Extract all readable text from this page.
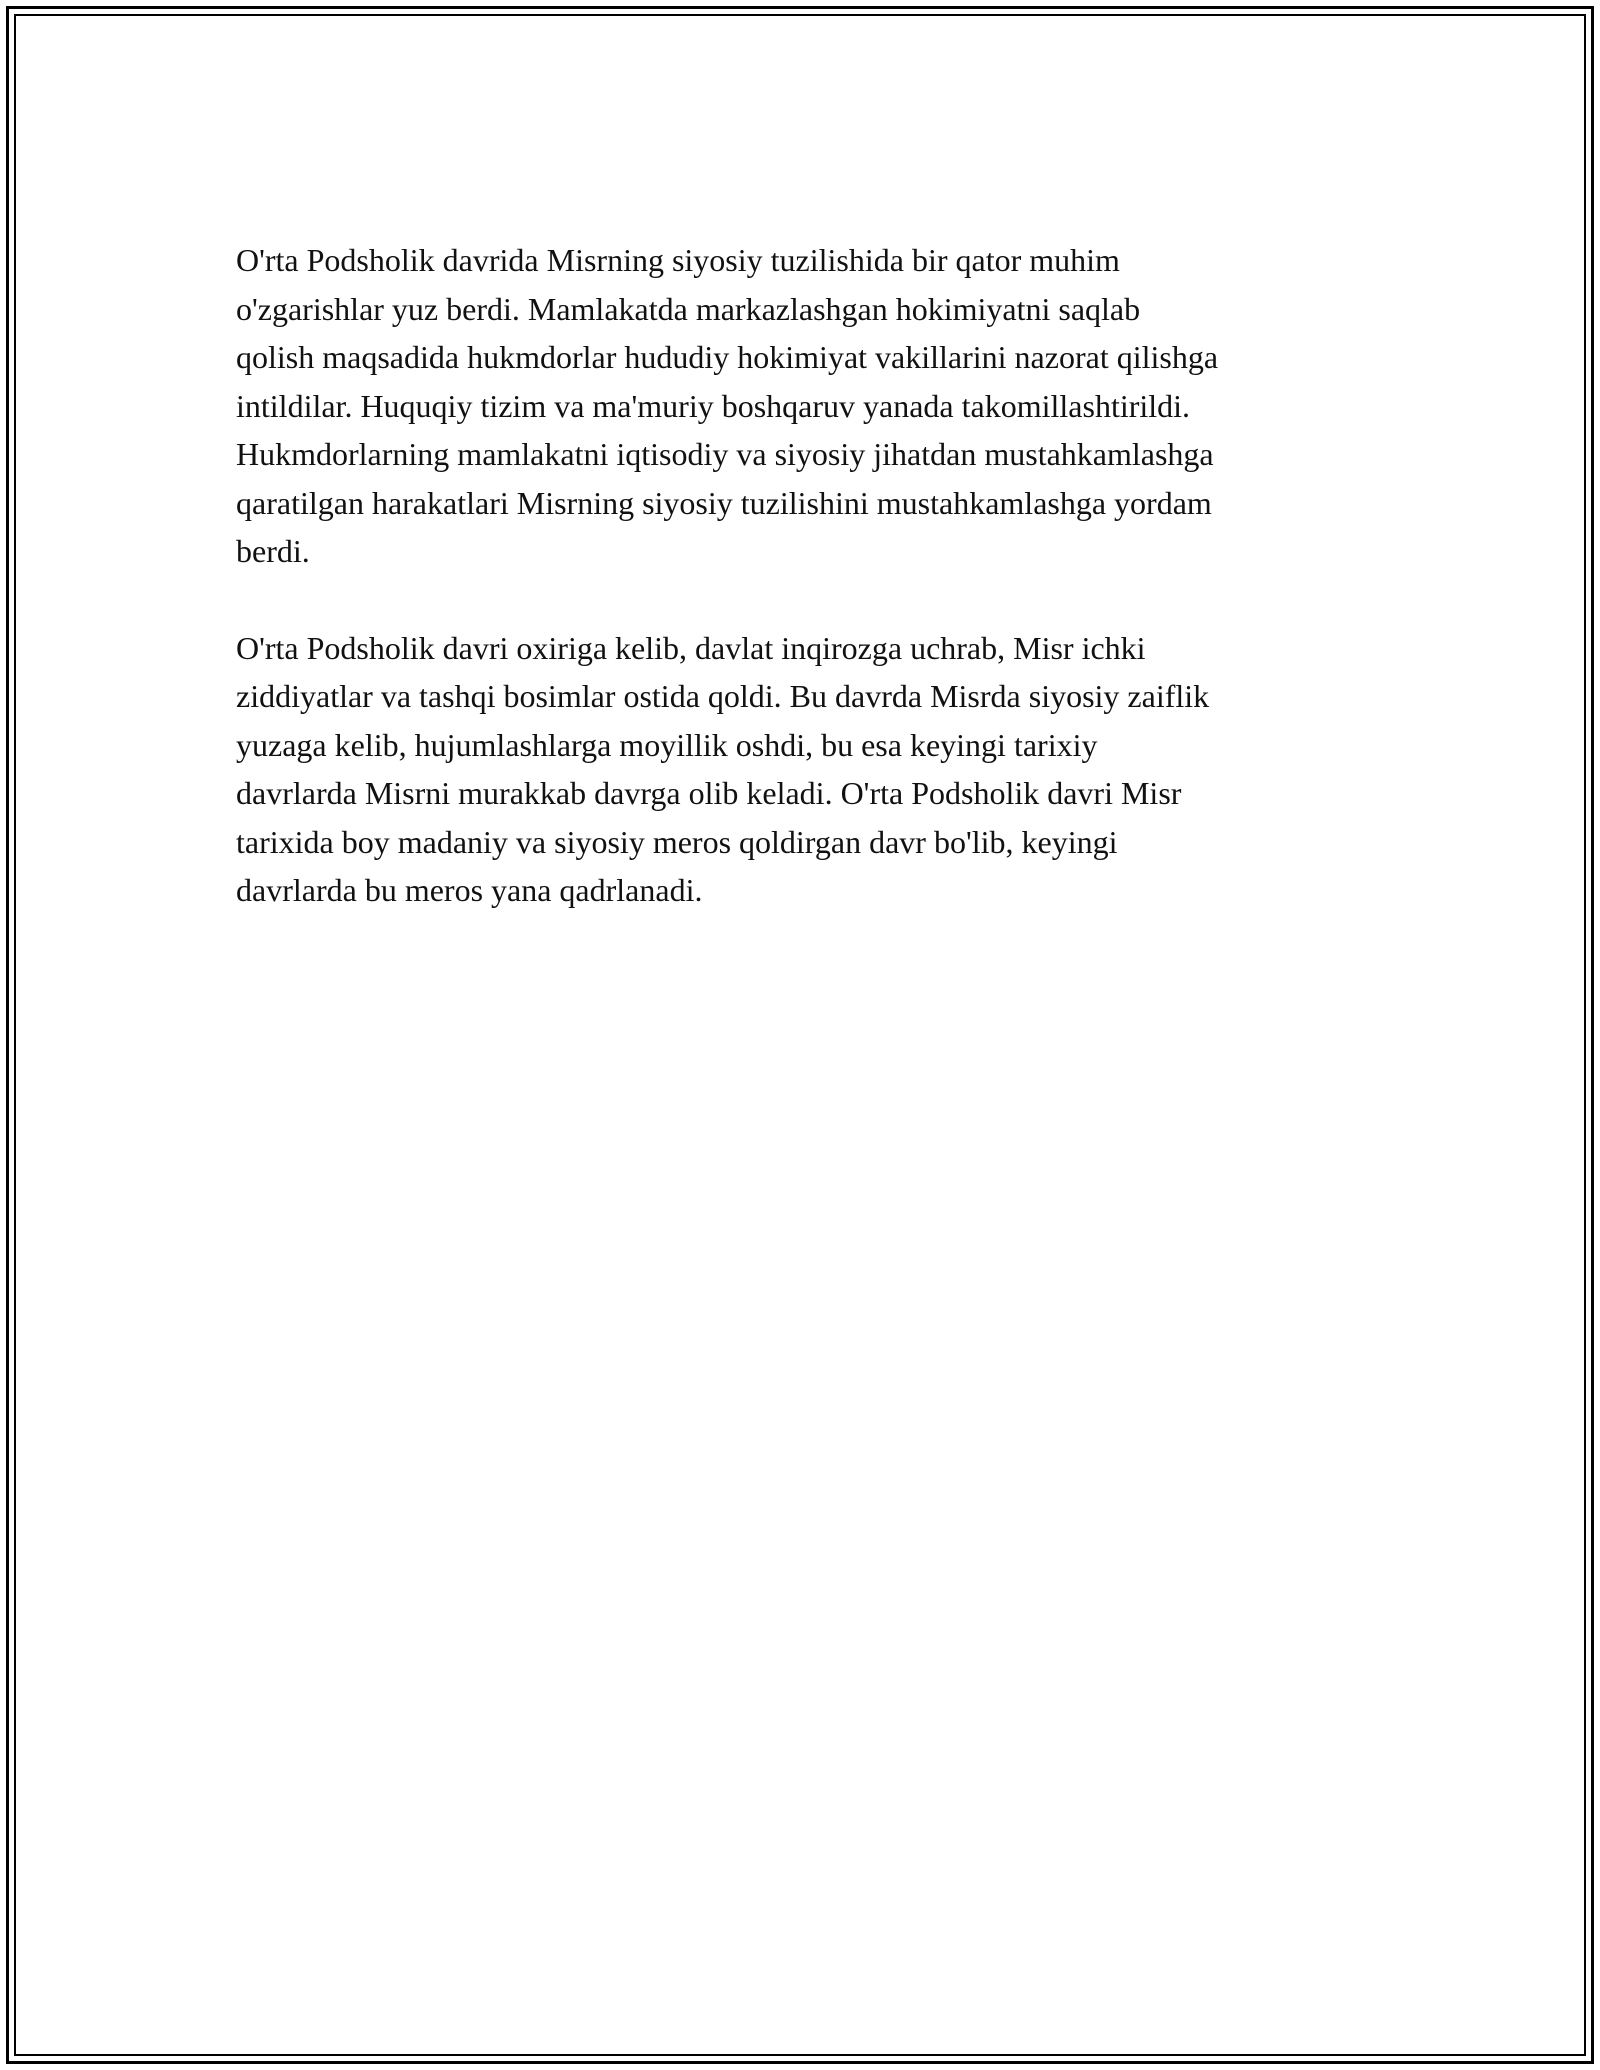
O'rta Podsholik davrida Misrning siyosiy tuzilishida bir qator muhim
o'zgarishlar yuz berdi. Mamlakatda markazlashgan hokimiyatni saqlab
qolish maqsadida hukmdorlar hududiy hokimiyat vakillarini nazorat qilishga
intildilar. Huquqiy tizim va ma'muriy boshqaruv yanada takomillashtirildi.
Hukmdorlarning mamlakatni iqtisodiy va siyosiy jihatdan mustahkamlashga
qaratilgan harakatlari Misrning siyosiy tuzilishini mustahkamlashga yordam
berdi.

O'rta Podsholik davri oxiriga kelib, davlat inqirozga uchrab, Misr ichki
ziddiyatlar va tashqi bosimlar ostida qoldi. Bu davrda Misrda siyosiy zaiflik
yuzaga kelib, hujumlashlarga moyillik oshdi, bu esa keyingi tarixiy
davrlarda Misrni murakkab davrga olib keladi. O'rta Podsholik davri Misr
tarixida boy madaniy va siyosiy meros qoldirgan davr bo'lib, keyingi
davrlarda bu meros yana qadrlanadi.
